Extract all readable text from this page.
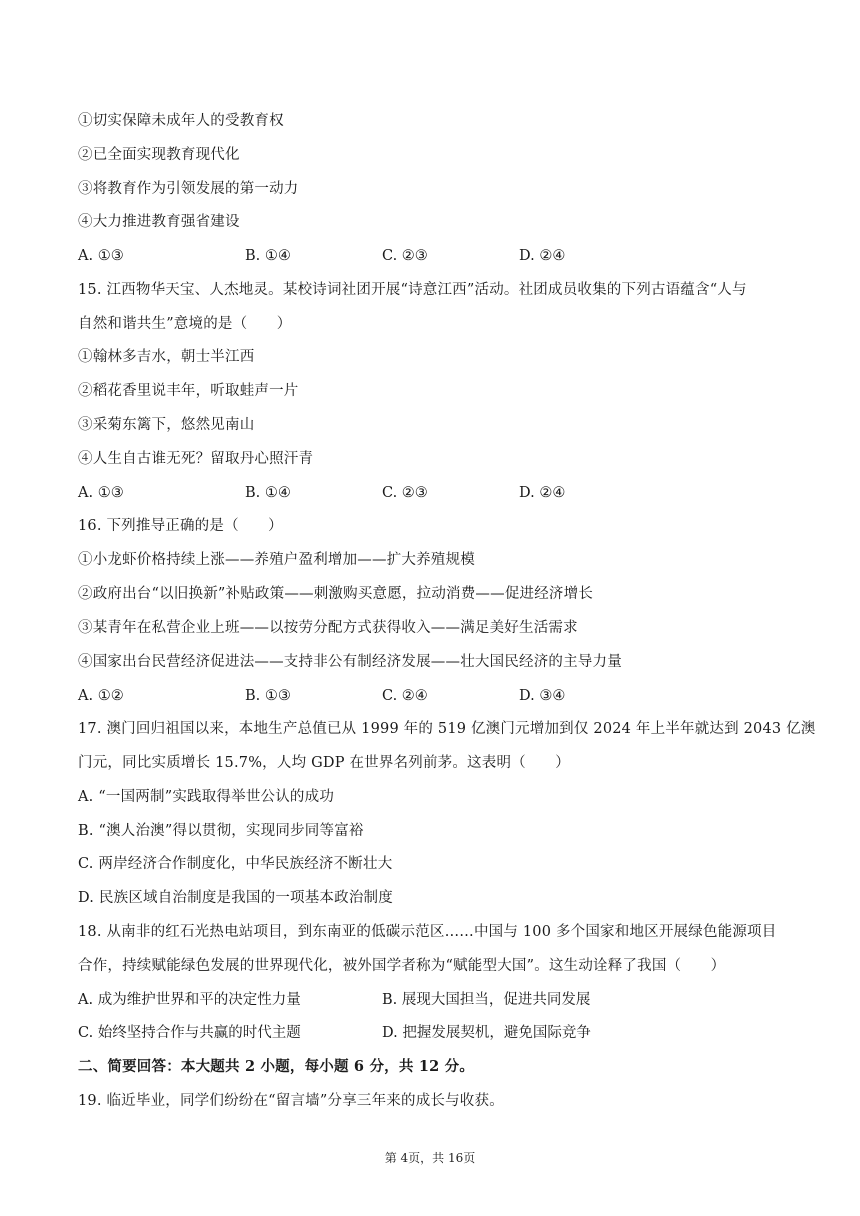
①切实保障未成年人的受教育权
②已全面实现教育现代化
③将教育作为引领发展的第一动力
④大力推进教育强省建设
A. ①③	B. ①④	C. ②③	D. ②④
15. 江西物华天宝、人杰地灵。某校诗词社团开展“诗意江西”活动。社团成员收集的下列古语蕴含“人与
自然和谐共生”意境的是（　　）
①翰林多吉水，朝士半江西
②稻花香里说丰年，听取蛙声一片
③采菊东篱下，悠然见南山
④人生自古谁无死？留取丹心照汗青
A. ①③	B. ①④	C. ②③	D. ②④
16. 下列推导正确的是（　　）
①小龙虾价格持续上涨——养殖户盈利增加——扩大养殖规模
②政府出台“以旧换新”补贴政策——刺激购买意愿，拉动消费——促进经济增长
③某青年在私营企业上班——以按劳分配方式获得收入——满足美好生活需求
④国家出台民营经济促进法——支持非公有制经济发展——壮大国民经济的主导力量
A. ①②	B. ①③	C. ②④	D. ③④
17. 澳门回归祖国以来，本地生产总值已从 1999 年的 519 亿澳门元增加到仅 2024 年上半年就达到 2043 亿澳
门元，同比实质增长 15.7%，人均 GDP 在世界名列前茅。这表明（　　）
A. “一国两制”实践取得举世公认的成功
B. “澳人治澳”得以贯彻，实现同步同等富裕
C. 两岸经济合作制度化，中华民族经济不断壮大
D. 民族区域自治制度是我国的一项基本政治制度
18. 从南非的红石光热电站项目，到东南亚的低碳示范区……中国与 100 多个国家和地区开展绿色能源项目
合作，持续赋能绿色发展的世界现代化，被外国学者称为“赋能型大国”。这生动诠释了我国（　　）
A. 成为维护世界和平的决定性力量	B. 展现大国担当，促进共同发展
C. 始终坚持合作与共赢的时代主题	D. 把握发展契机，避免国际竞争
二、简要回答：本大题共 2 小题，每小题 6 分，共 12 分。
19. 临近毕业，同学们纷纷在“留言墙”分享三年来的成长与收获。
第 4页，共 16页
